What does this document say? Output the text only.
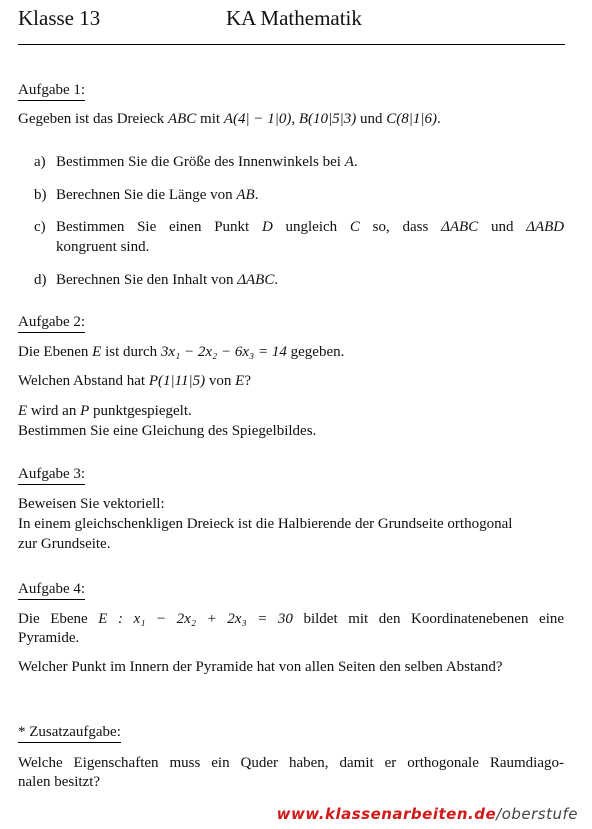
Klasse 13	KA Mathematik
Aufgabe 1:
Gegeben ist das Dreieck ABC mit A(4| − 1|0), B(10|5|3) und C(8|1|6).
a) Bestimmen Sie die Größe des Innenwinkels bei A.
b) Berechnen Sie die Länge von AB.
c) Bestimmen Sie einen Punkt D ungleich C so, dass ΔABC und ΔABD
kongruent sind.
d) Berechnen Sie den Inhalt von ΔABC.
Aufgabe 2:
Die Ebenen E ist durch 3x₁ − 2x₂ − 6x₃ = 14 gegeben.
Welchen Abstand hat P(1|11|5) von E?
E wird an P punktgespiegelt.
Bestimmen Sie eine Gleichung des Spiegelbildes.
Aufgabe 3:
Beweisen Sie vektoriell:
In einem gleichschenkligen Dreieck ist die Halbierende der Grundseite orthogonal
zur Grundseite.
Aufgabe 4:
Die Ebene E : x₁ − 2x₂ + 2x₃ = 30 bildet mit den Koordinatenebenen eine
Pyramide.
Welcher Punkt im Innern der Pyramide hat von allen Seiten den selben Abstand?
* Zusatzaufgabe:
Welche Eigenschaften muss ein Quder haben, damit er orthogonale Raumdiago-
nalen besitzt?
www.klassenarbeiten.de/oberstufe
